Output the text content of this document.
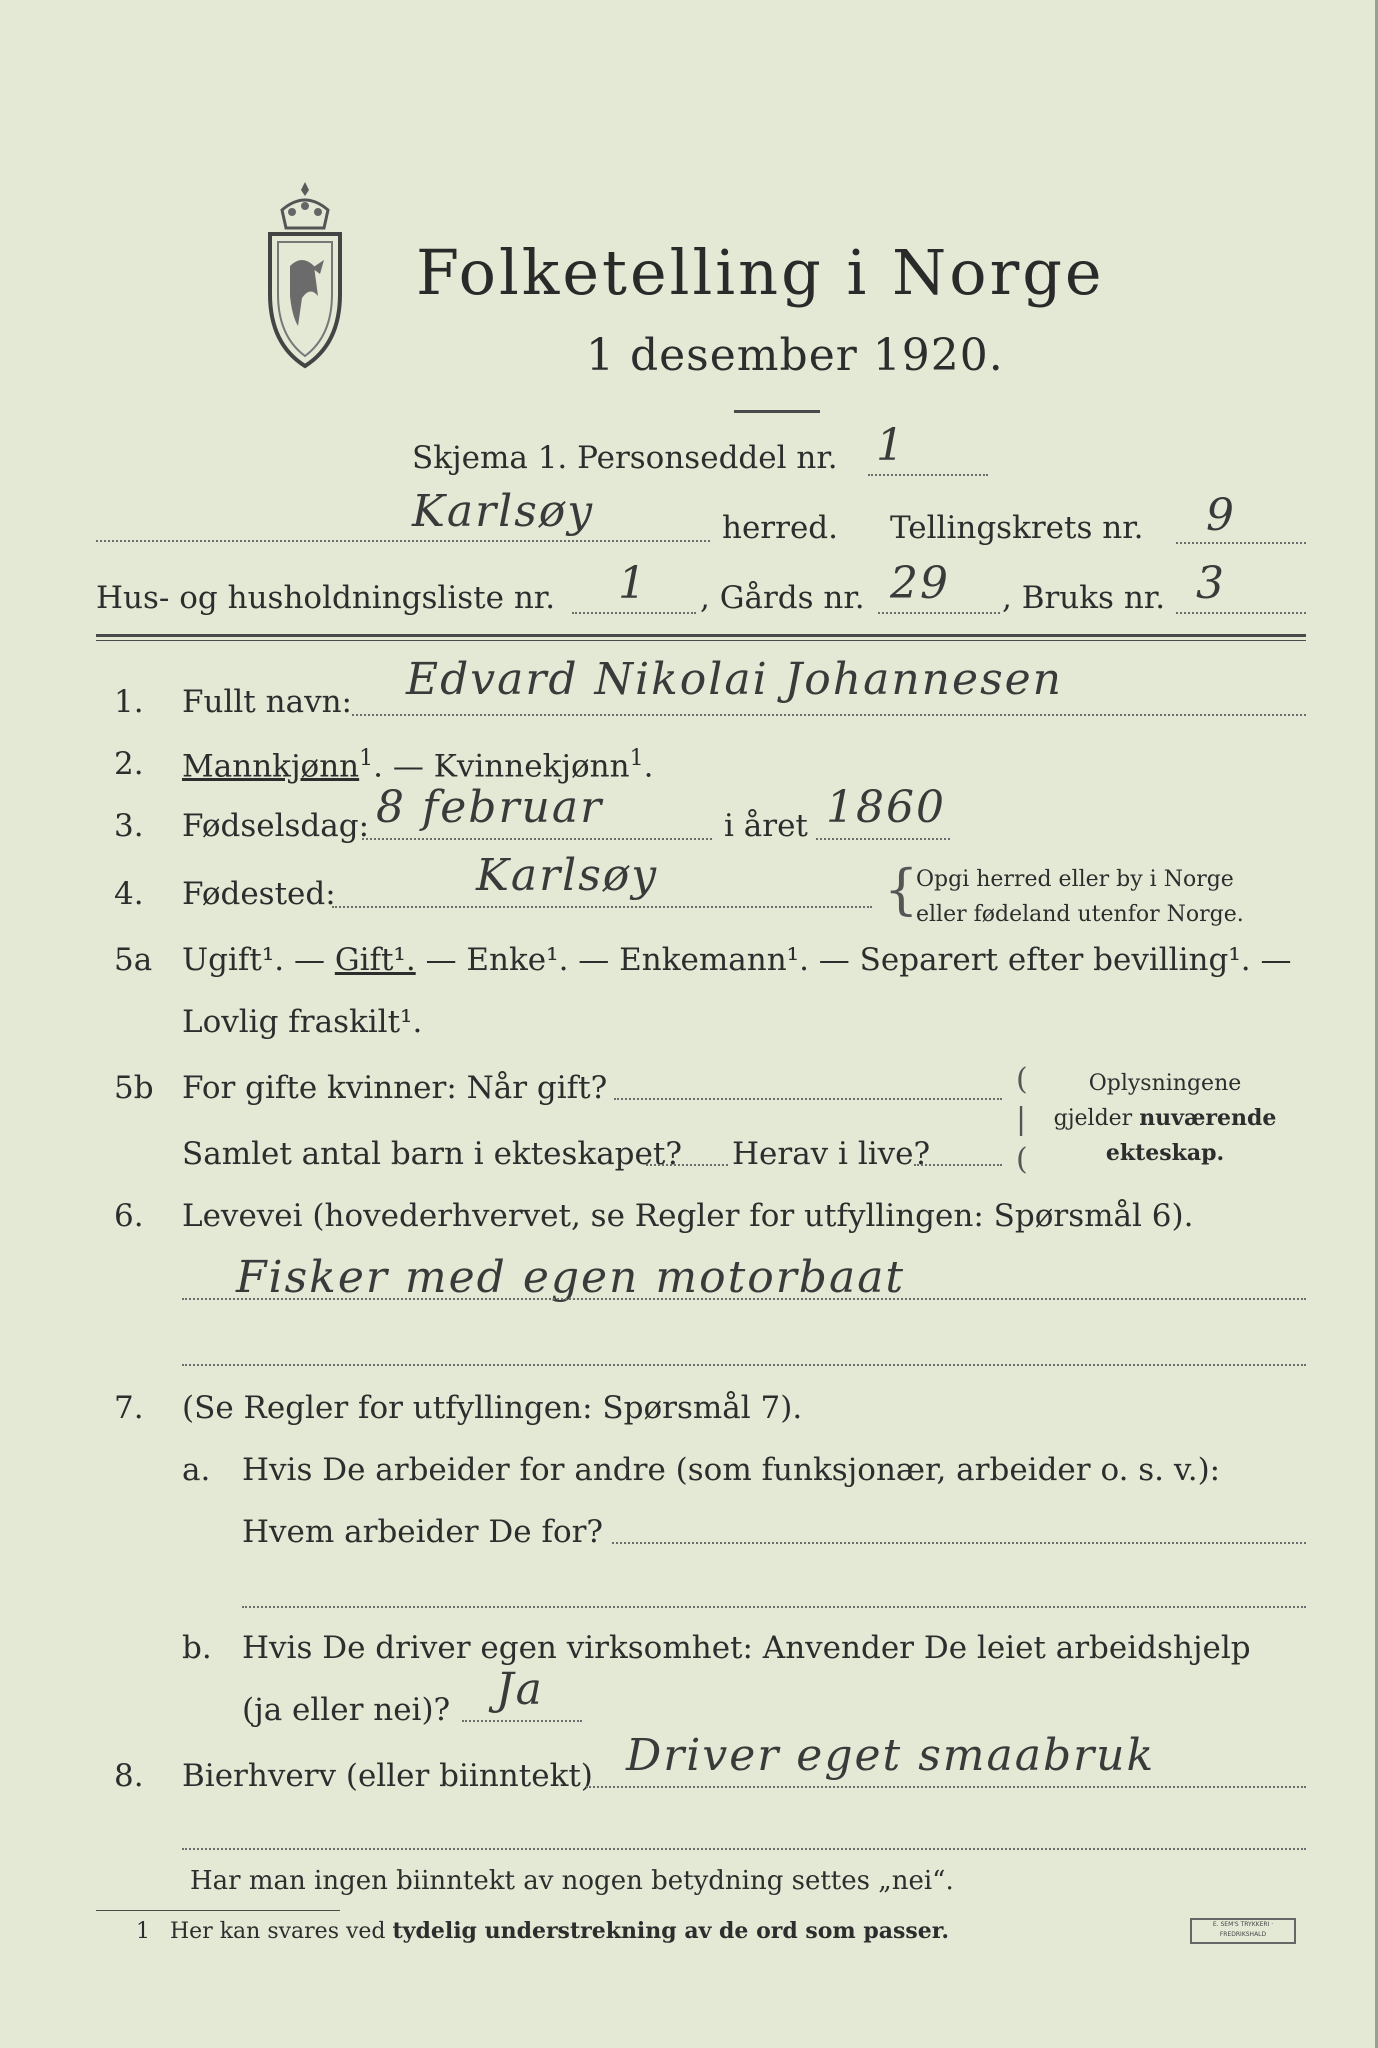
Folketelling i Norge
1 desember 1920.
Skjema 1. Personseddel nr. 1
Karlsøy	herred. Tellingskrets nr. 9
Hus- og husholdningsliste nr. 1 , Gårds nr. 29 , Bruks nr. 3
1. Fullt navn: Edvard Nikolai Johannesen
2. Mannkjønn$^1$. — Kvinnekjønn$^1$.
3. Fødselsdag: 8 februar	i året 1860
4. Fødested:	Karlsøy	{
Opgi herred eller by i Norge
eller fødeland utenfor Norge.
5a Ugift¹. — Gift¹. — Enke¹. — Enkemann¹. — Separert efter bevilling¹. —
Lovlig fraskilt¹.
5b For gifte kvinner: Når gift?
Samlet antal barn i ekteskapet? Herav i live?
(
|
(
Oplysningene
gjelder nuværende
ekteskap.
6. Levevei (hovederhvervet, se Regler for utfyllingen: Spørsmål 6).
Fisker med egen motorbaat
7. (Se Regler for utfyllingen: Spørsmål 7).
a. Hvis De arbeider for andre (som funksjonær, arbeider o. s. v.):
Hvem arbeider De for?
b. Hvis De driver egen virksomhet: Anvender De leiet arbeidshjelp
(ja eller nei)? Ja
8. Bierhverv (eller biinntekt) Driver eget smaabruk
Har man ingen biinntekt av nogen betydning settes „nei“.
1 Her kan svares ved tydelig understrekning av de ord som passer.	E. SEM'S TRYKKERI · FREDRIKSHALD
